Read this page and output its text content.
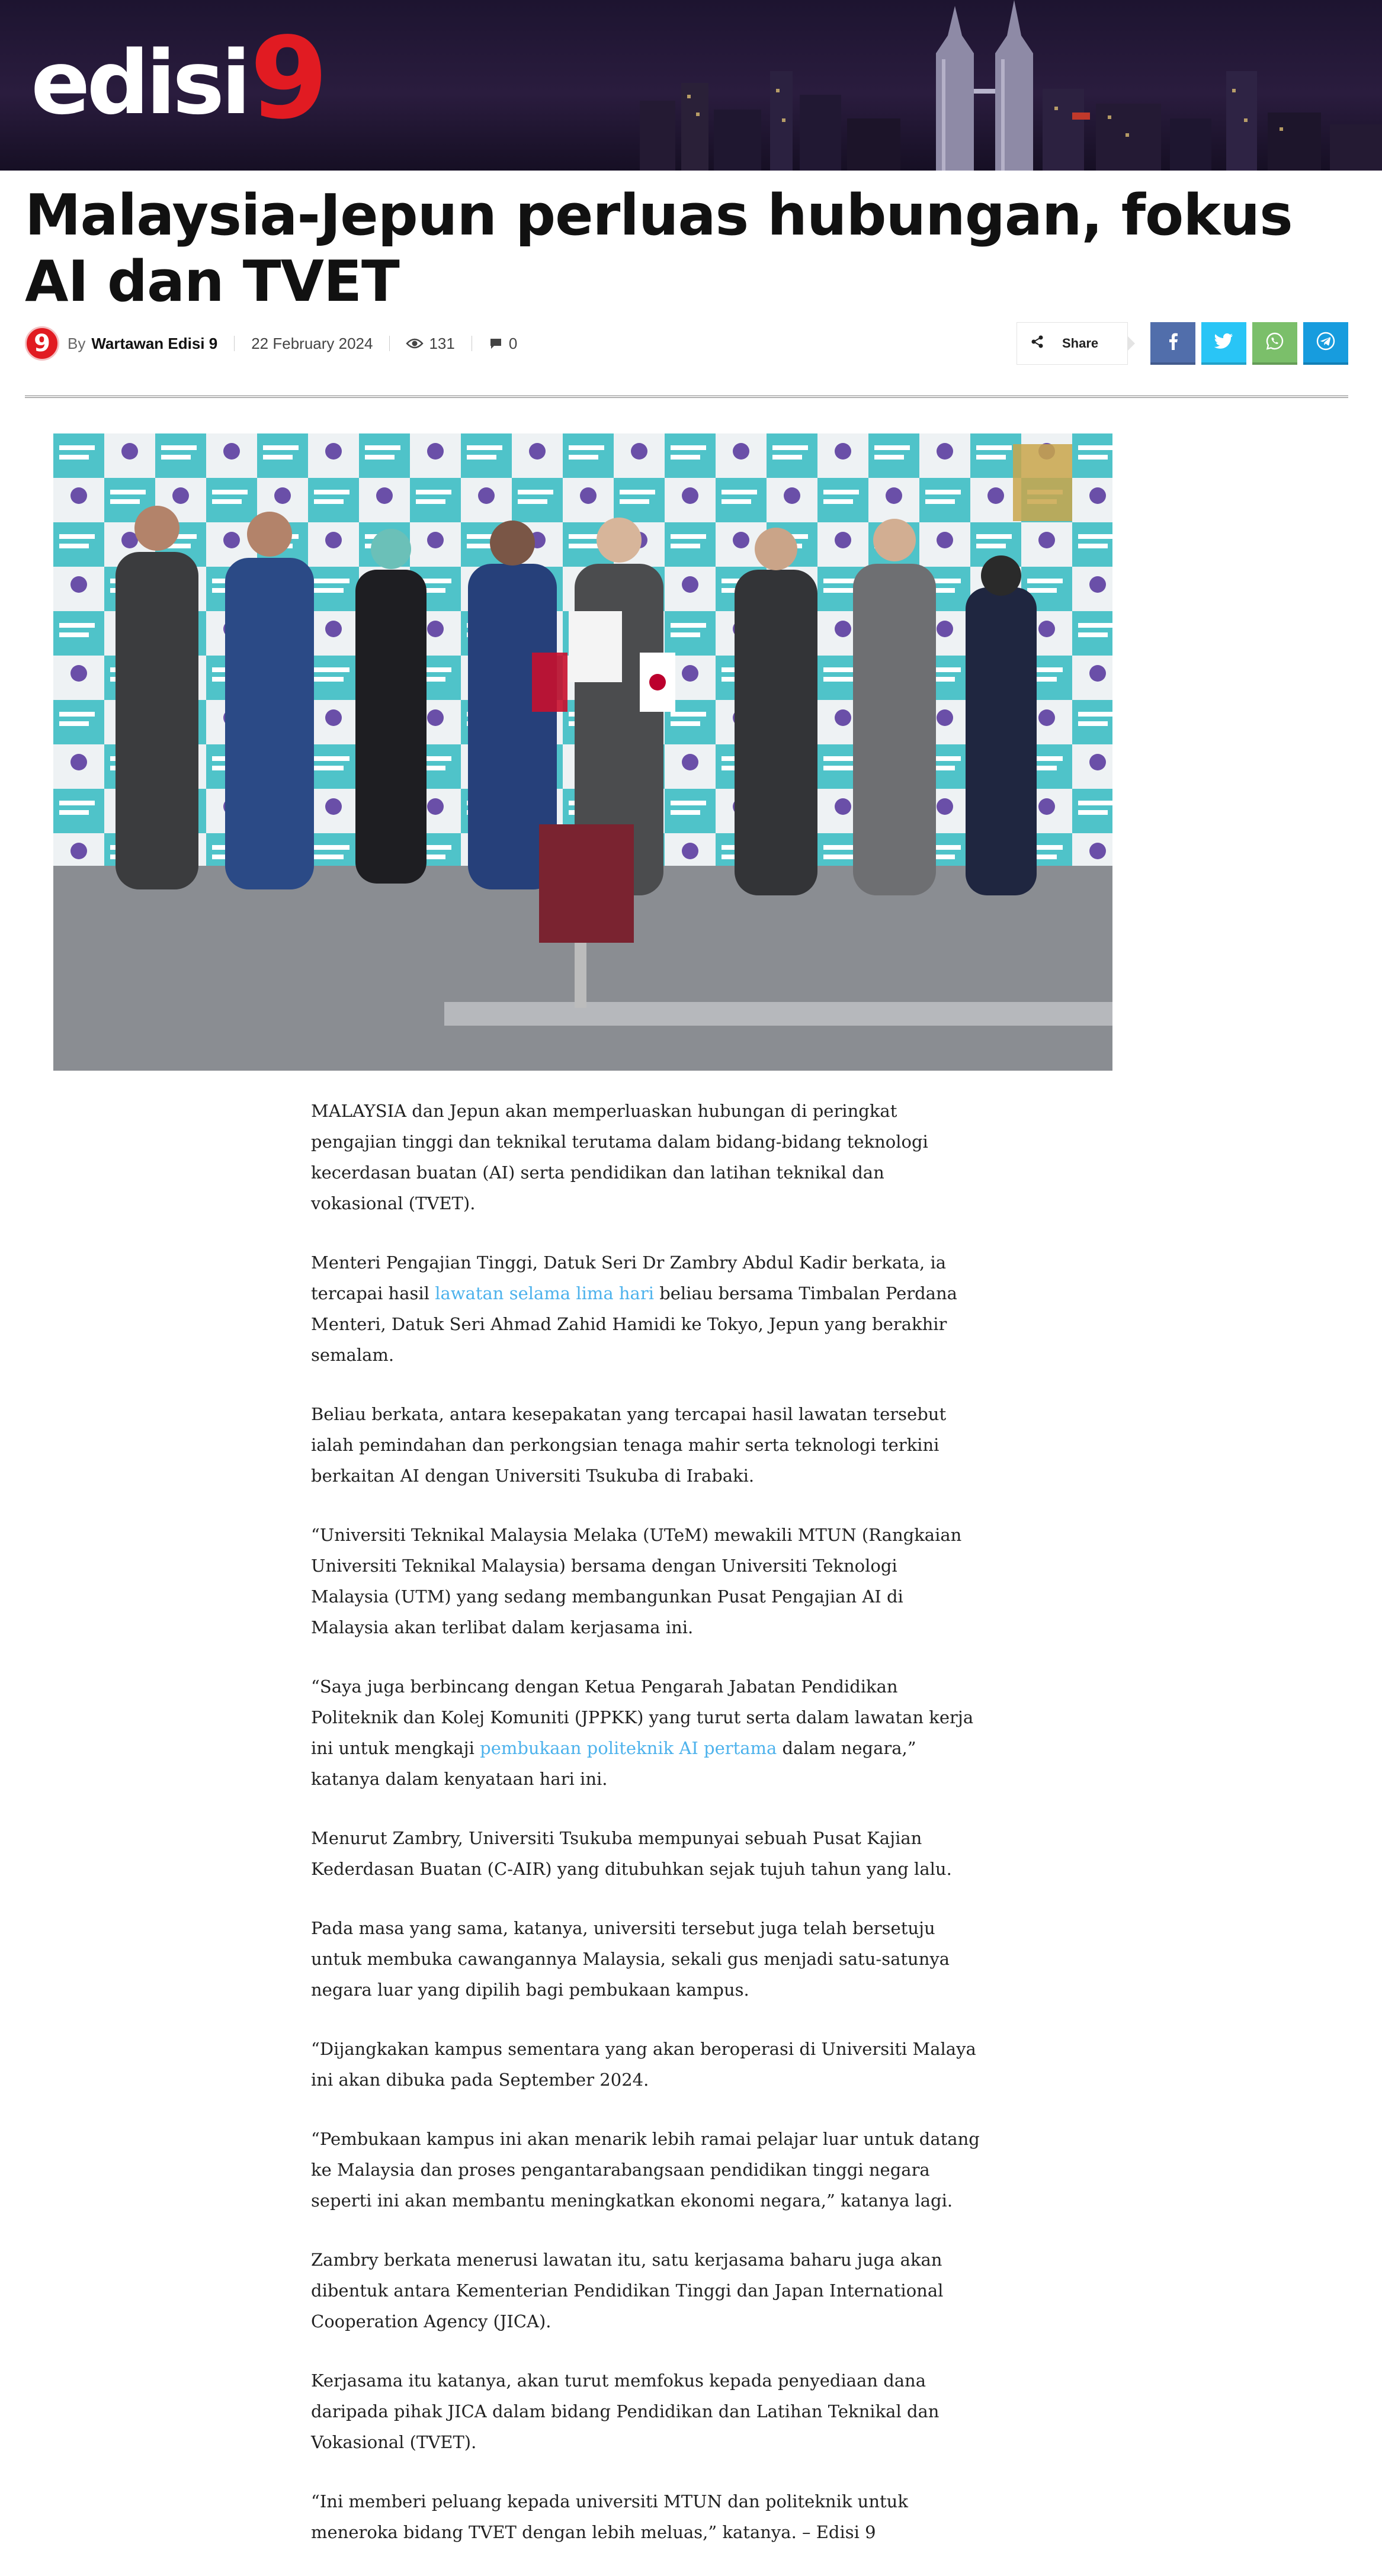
edisi 9
Malaysia-Jepun perluas hubungan, fokus AI dan TVET
9	By Wartawan Edisi 9 22 February 2024	131	0	Share

MALAYSIA dan Jepun akan memperluaskan hubungan di peringkat pengajian tinggi dan teknikal terutama dalam bidang-bidang teknologi kecerdasan buatan (AI) serta pendidikan dan latihan teknikal dan vokasional (TVET).

Menteri Pengajian Tinggi, Datuk Seri Dr Zambry Abdul Kadir berkata, ia tercapai hasil lawatan selama lima hari beliau bersama Timbalan Perdana Menteri, Datuk Seri Ahmad Zahid Hamidi ke Tokyo, Jepun yang berakhir semalam.

Beliau berkata, antara kesepakatan yang tercapai hasil lawatan tersebut ialah pemindahan dan perkongsian tenaga mahir serta teknologi terkini berkaitan AI dengan Universiti Tsukuba di Irabaki.

“Universiti Teknikal Malaysia Melaka (UTeM) mewakili MTUN (Rangkaian Universiti Teknikal Malaysia) bersama dengan Universiti Teknologi Malaysia (UTM) yang sedang membangunkan Pusat Pengajian AI di Malaysia akan terlibat dalam kerjasama ini.

“Saya juga berbincang dengan Ketua Pengarah Jabatan Pendidikan Politeknik dan Kolej Komuniti (JPPKK) yang turut serta dalam lawatan kerja ini untuk mengkaji pembukaan politeknik AI pertama dalam negara,” katanya dalam kenyataan hari ini.

Menurut Zambry, Universiti Tsukuba mempunyai sebuah Pusat Kajian Kederdasan Buatan (C-AIR) yang ditubuhkan sejak tujuh tahun yang lalu.

Pada masa yang sama, katanya, universiti tersebut juga telah bersetuju untuk membuka cawangannya Malaysia, sekali gus menjadi satu-satunya negara luar yang dipilih bagi pembukaan kampus.

“Dijangkakan kampus sementara yang akan beroperasi di Universiti Malaya ini akan dibuka pada September 2024.

“Pembukaan kampus ini akan menarik lebih ramai pelajar luar untuk datang ke Malaysia dan proses pengantarabangsaan pendidikan tinggi negara seperti ini akan membantu meningkatkan ekonomi negara,” katanya lagi.

Zambry berkata menerusi lawatan itu, satu kerjasama baharu juga akan dibentuk antara Kementerian Pendidikan Tinggi dan Japan International Cooperation Agency (JICA).

Kerjasama itu katanya, akan turut memfokus kepada penyediaan dana daripada pihak JICA dalam bidang Pendidikan dan Latihan Teknikal dan Vokasional (TVET).

“Ini memberi peluang kepada universiti MTUN dan politeknik untuk meneroka bidang TVET dengan lebih meluas,” katanya. – Edisi 9
